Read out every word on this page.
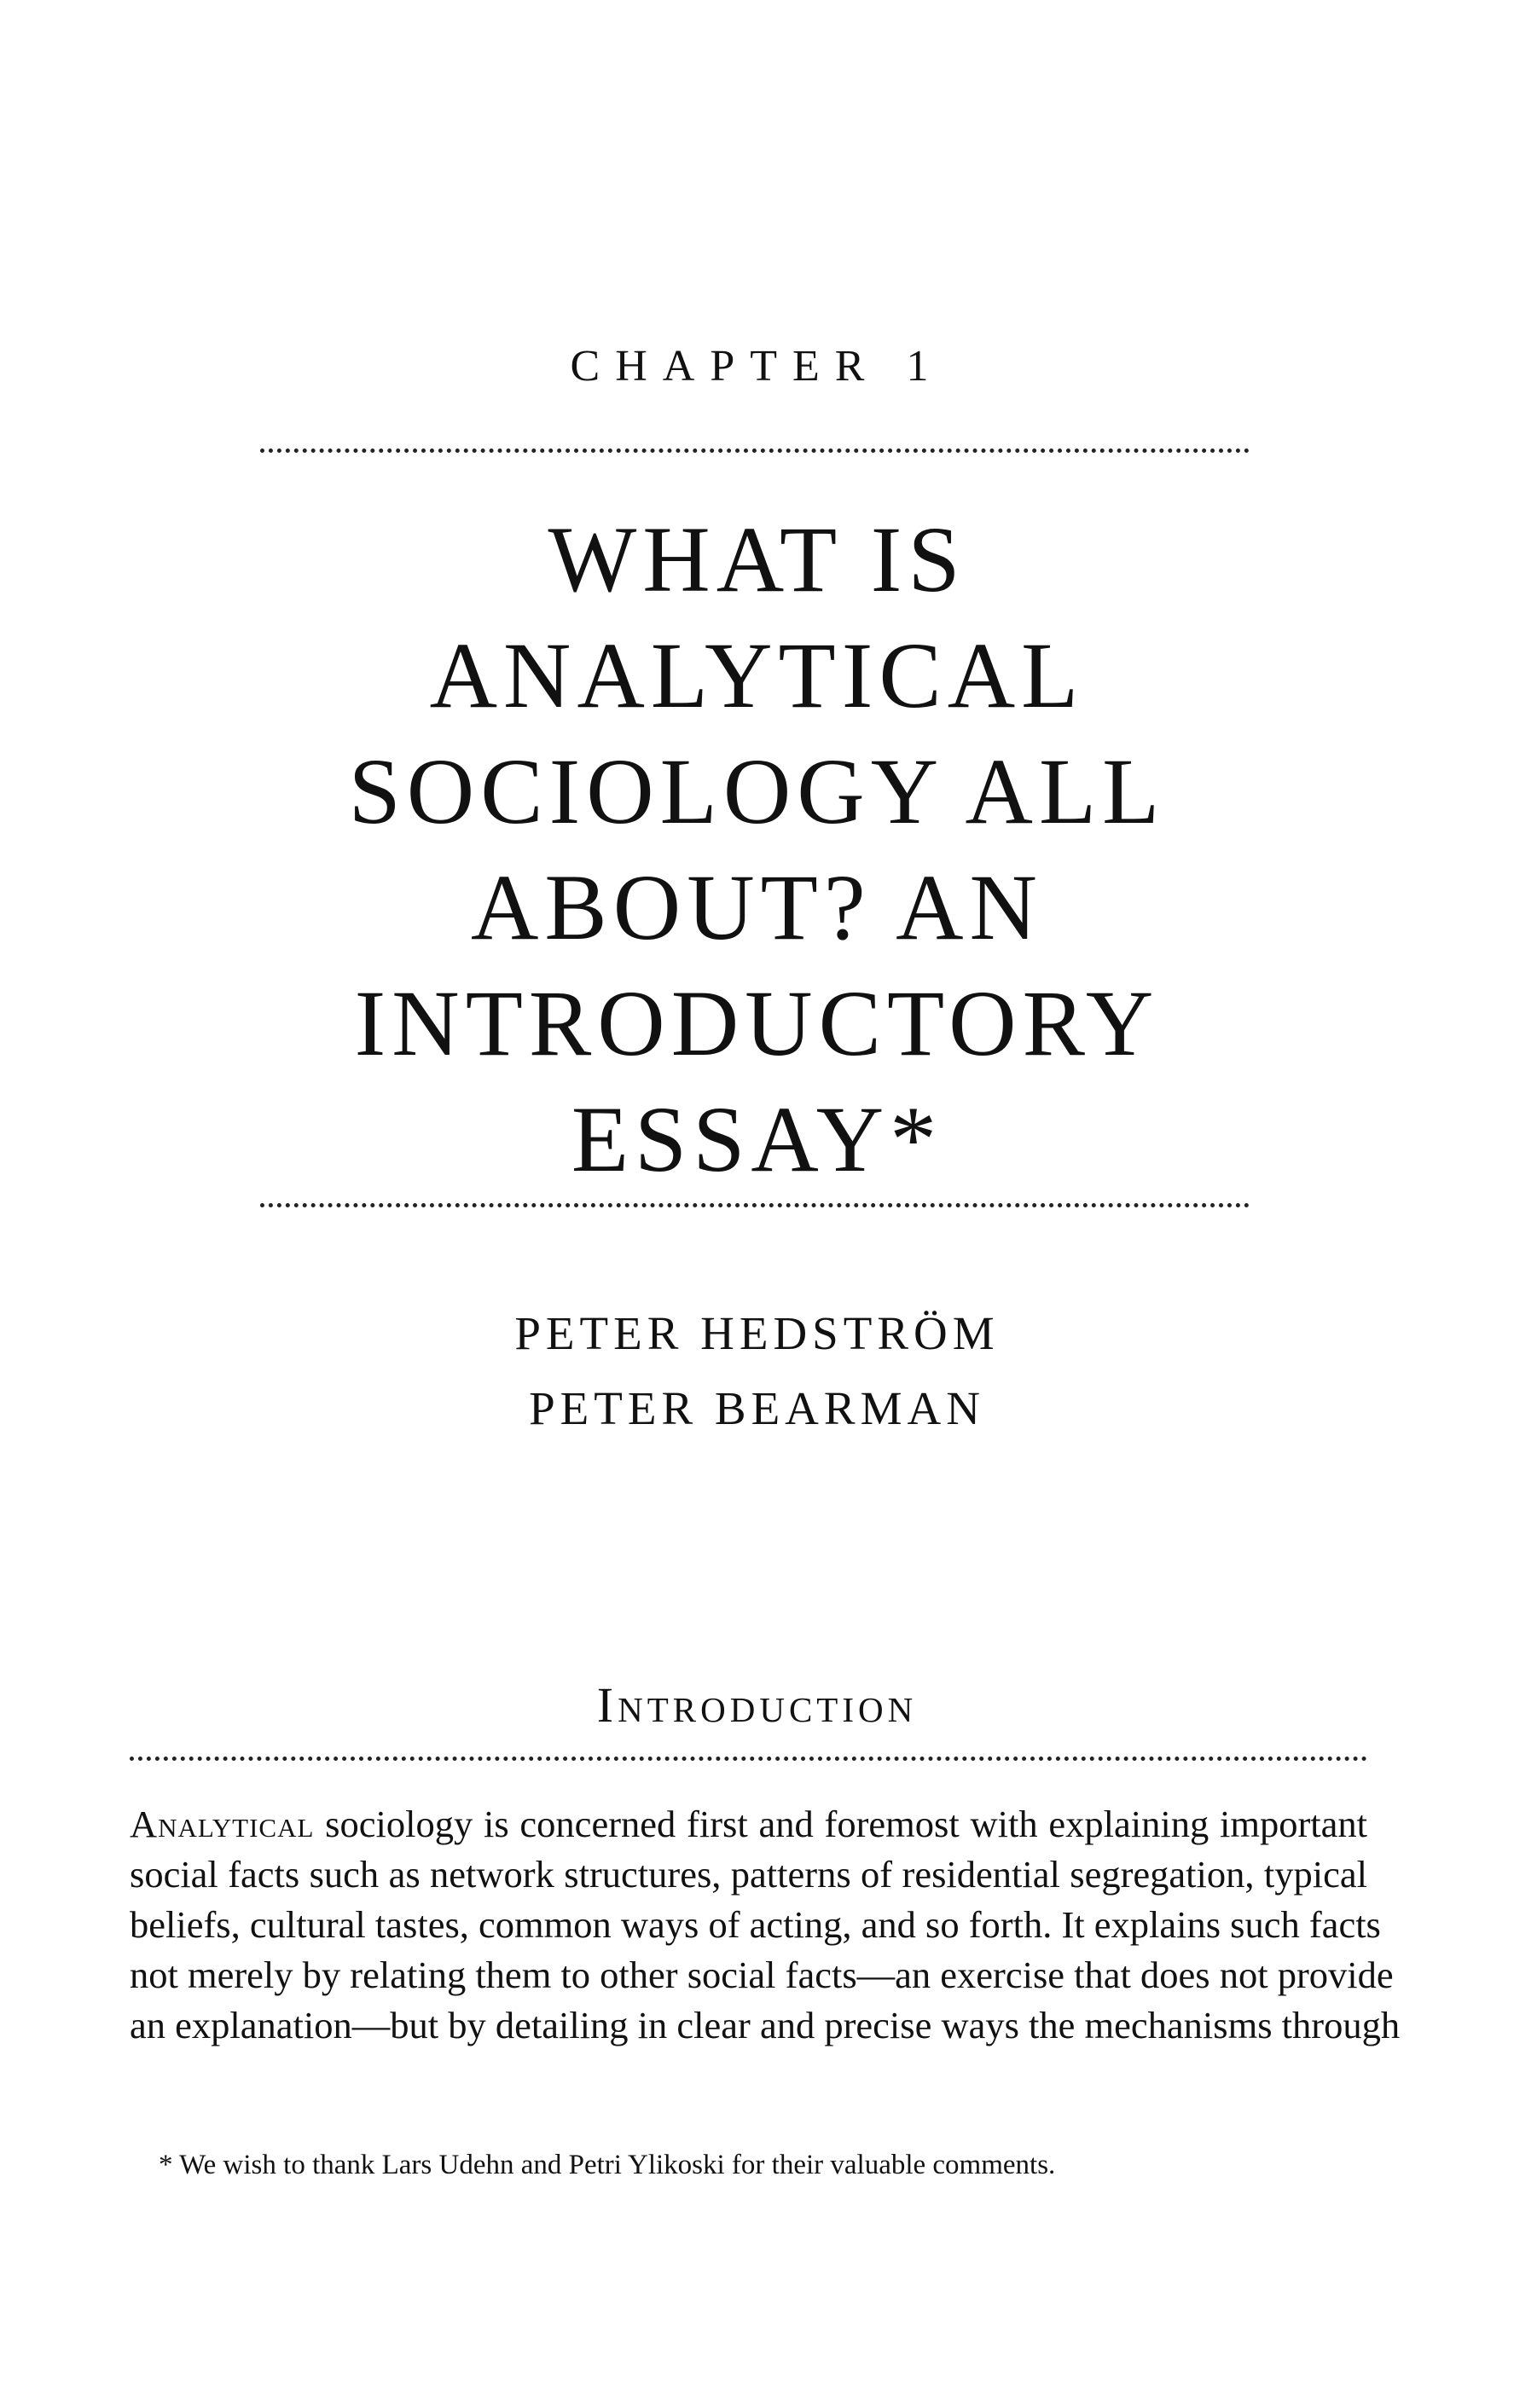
CHAPTER 1
WHAT IS
ANALYTICAL
SOCIOLOGY ALL
ABOUT? AN
INTRODUCTORY
ESSAY*
PETER HEDSTRÖM
PETER BEARMAN
Introduction
Analytical sociology is concerned first and foremost with explaining important
social facts such as network structures, patterns of residential segregation, typical
beliefs, cultural tastes, common ways of acting, and so forth. It explains such facts
not merely by relating them to other social facts—an exercise that does not provide
an explanation—but by detailing in clear and precise ways the mechanisms through
* We wish to thank Lars Udehn and Petri Ylikoski for their valuable comments.
